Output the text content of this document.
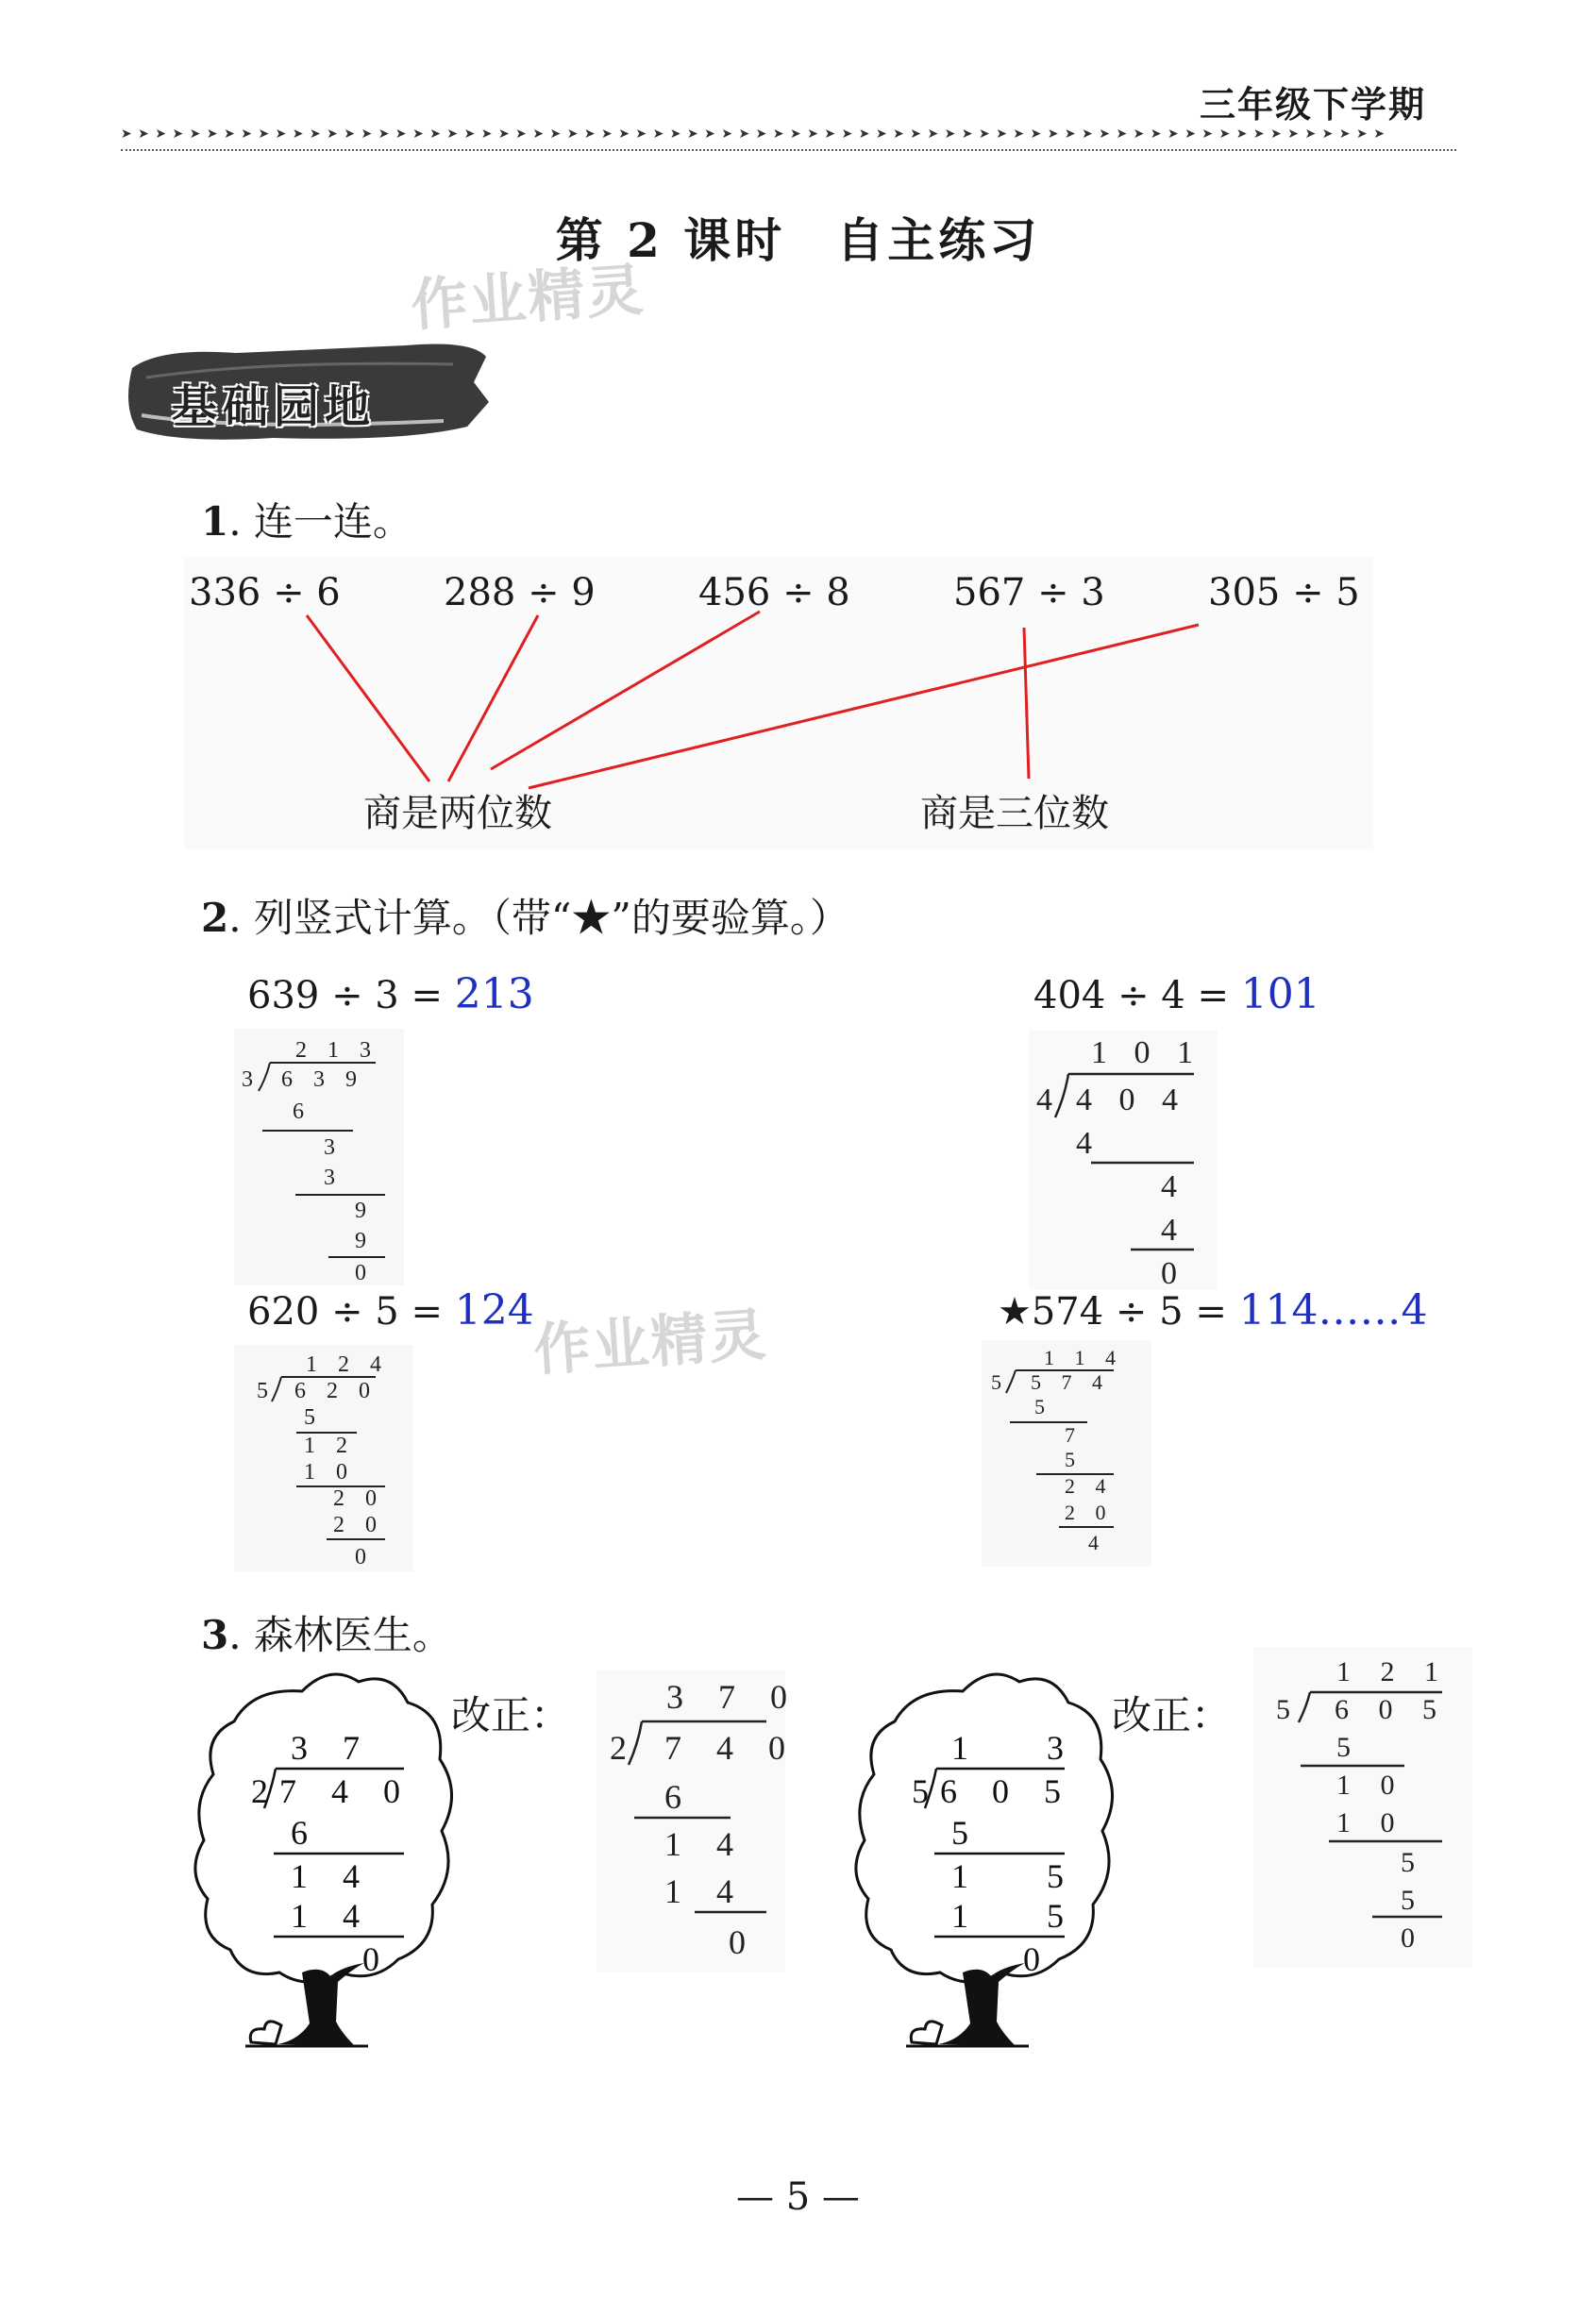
三年级下学期
➤ ➤ ➤ ➤ ➤ ➤ ➤ ➤ ➤ ➤ ➤ ➤ ➤ ➤ ➤ ➤ ➤ ➤ ➤ ➤ ➤ ➤ ➤ ➤ ➤ ➤ ➤ ➤ ➤ ➤ ➤ ➤ ➤ ➤ ➤ ➤ ➤ ➤ ➤ ➤ ➤ ➤ ➤ ➤ ➤ ➤ ➤ ➤ ➤ ➤ ➤ ➤ ➤ ➤ ➤ ➤ ➤ ➤ ➤ ➤ ➤ ➤ ➤ ➤ ➤ ➤ ➤ ➤ ➤ ➤ ➤ ➤ ➤ ➤
第 2 课时　自主练习
作业精灵
作业精灵
基础园地
1. 连一连。
336 ÷ 6	288 ÷ 9	456 ÷ 8	567 ÷ 3	305 ÷ 5
商是两位数	商是三位数
2. 列竖式计算。（带“★”的要验算。）
639 ÷ 3 = 213	404 ÷ 4 = 101
620 ÷ 5 = 124	★574 ÷ 5 = 114……4
2 1 3
3 6 3 9
6
3
3
9
9
0
1 0 1
4 4 0 4
4
4
4
0
1 2 4
5 6 2 0
5
1 2
1 0
2 0
2 0
0
1 1 4
5 5 7 4
5
7
5
2 4
2 0
4
3. 森林医生。
3 7
2 7 4 0
6
1 4
1 4
0
改正：	3 7 0
2 7 4 0
6
1 4
1 4
0
1   3
5 6 0 5
5
1   5
1   5
0
改正：
1 2 1
5 6 0 5
5
1 0
1 0
5
5
0
— 5 —
